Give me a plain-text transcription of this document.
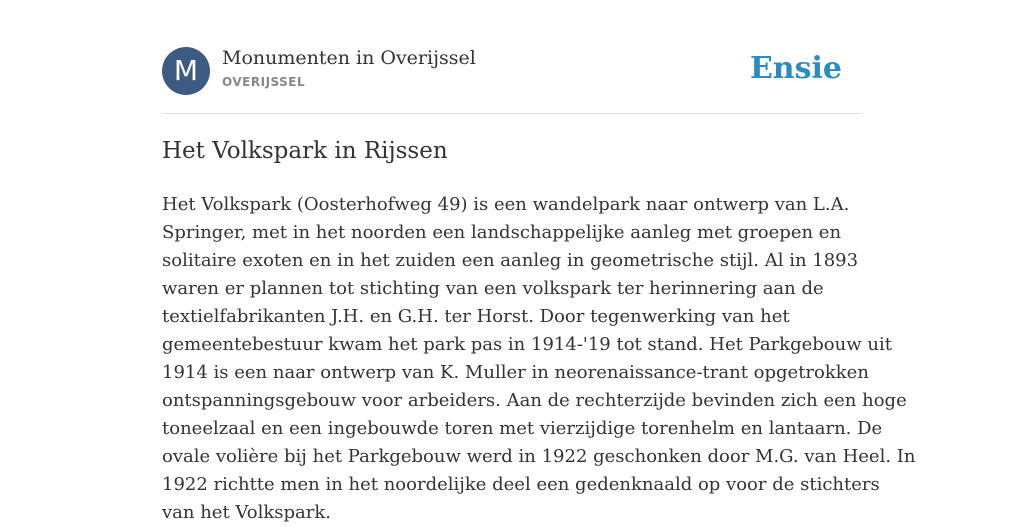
M	Monumenten in Overijssel
OVERIJSSEL	Ensie
Het Volkspark in Rijssen

Het Volkspark (Oosterhofweg 49) is een wandelpark naar ontwerp van L.A.
Springer, met in het noorden een landschappelijke aanleg met groepen en
solitaire exoten en in het zuiden een aanleg in geometrische stijl. Al in 1893
waren er plannen tot stichting van een volkspark ter herinnering aan de
textielfabrikanten J.H. en G.H. ter Horst. Door tegenwerking van het
gemeentebestuur kwam het park pas in 1914-'19 tot stand. Het Parkgebouw uit
1914 is een naar ontwerp van K. Muller in neorenaissance-trant opgetrokken
ontspanningsgebouw voor arbeiders. Aan de rechterzijde bevinden zich een hoge
toneelzaal en een ingebouwde toren met vierzijdige torenhelm en lantaarn. De
ovale volière bij het Parkgebouw werd in 1922 geschonken door M.G. van Heel. In
1922 richtte men in het noordelijke deel een gedenknaald op voor de stichters
van het Volkspark.
